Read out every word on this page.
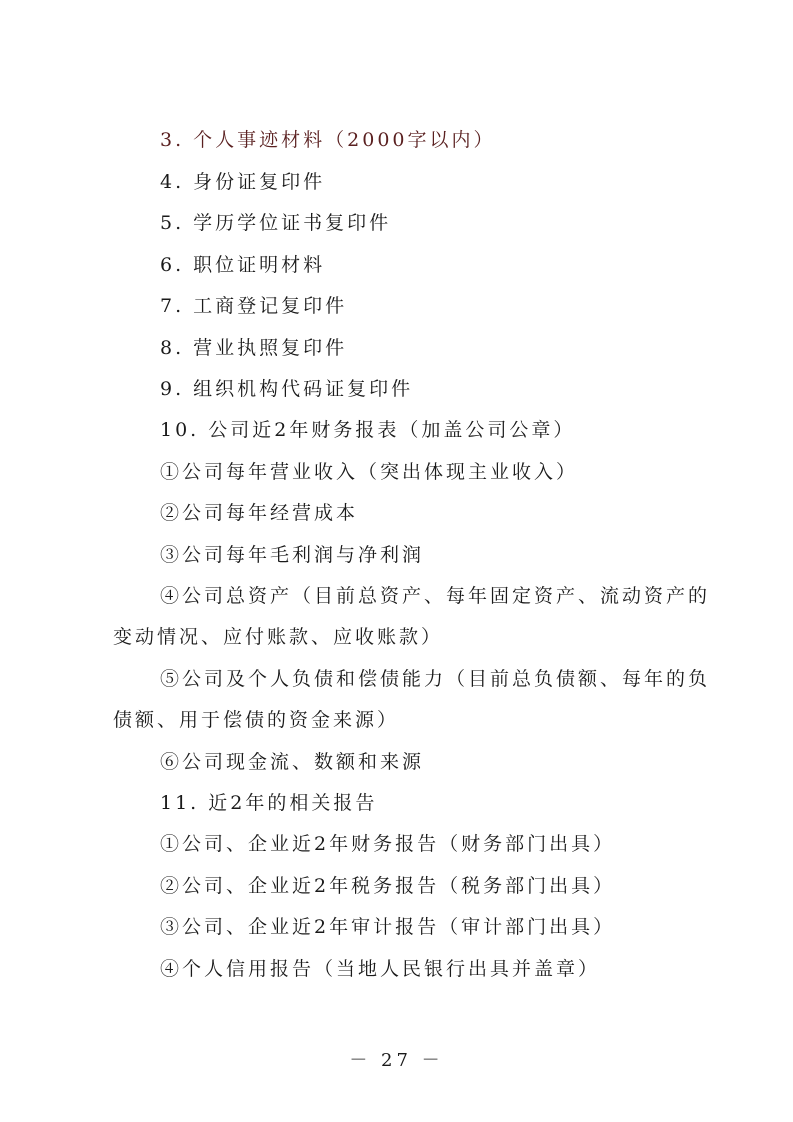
3. 个人事迹材料（2000字以内）
4. 身份证复印件
5. 学历学位证书复印件
6. 职位证明材料
7. 工商登记复印件
8. 营业执照复印件
9. 组织机构代码证复印件
10. 公司近2年财务报表（加盖公司公章）
①公司每年营业收入（突出体现主业收入）
②公司每年经营成本
③公司每年毛利润与净利润
④公司总资产（目前总资产、每年固定资产、流动资产的
变动情况、应付账款、应收账款）
⑤公司及个人负债和偿债能力（目前总负债额、每年的负
债额、用于偿债的资金来源）
⑥公司现金流、数额和来源
11. 近2年的相关报告
①公司、企业近2年财务报告（财务部门出具）
②公司、企业近2年税务报告（税务部门出具）
③公司、企业近2年审计报告（审计部门出具）
④个人信用报告（当地人民银行出具并盖章）
－ 27 －
